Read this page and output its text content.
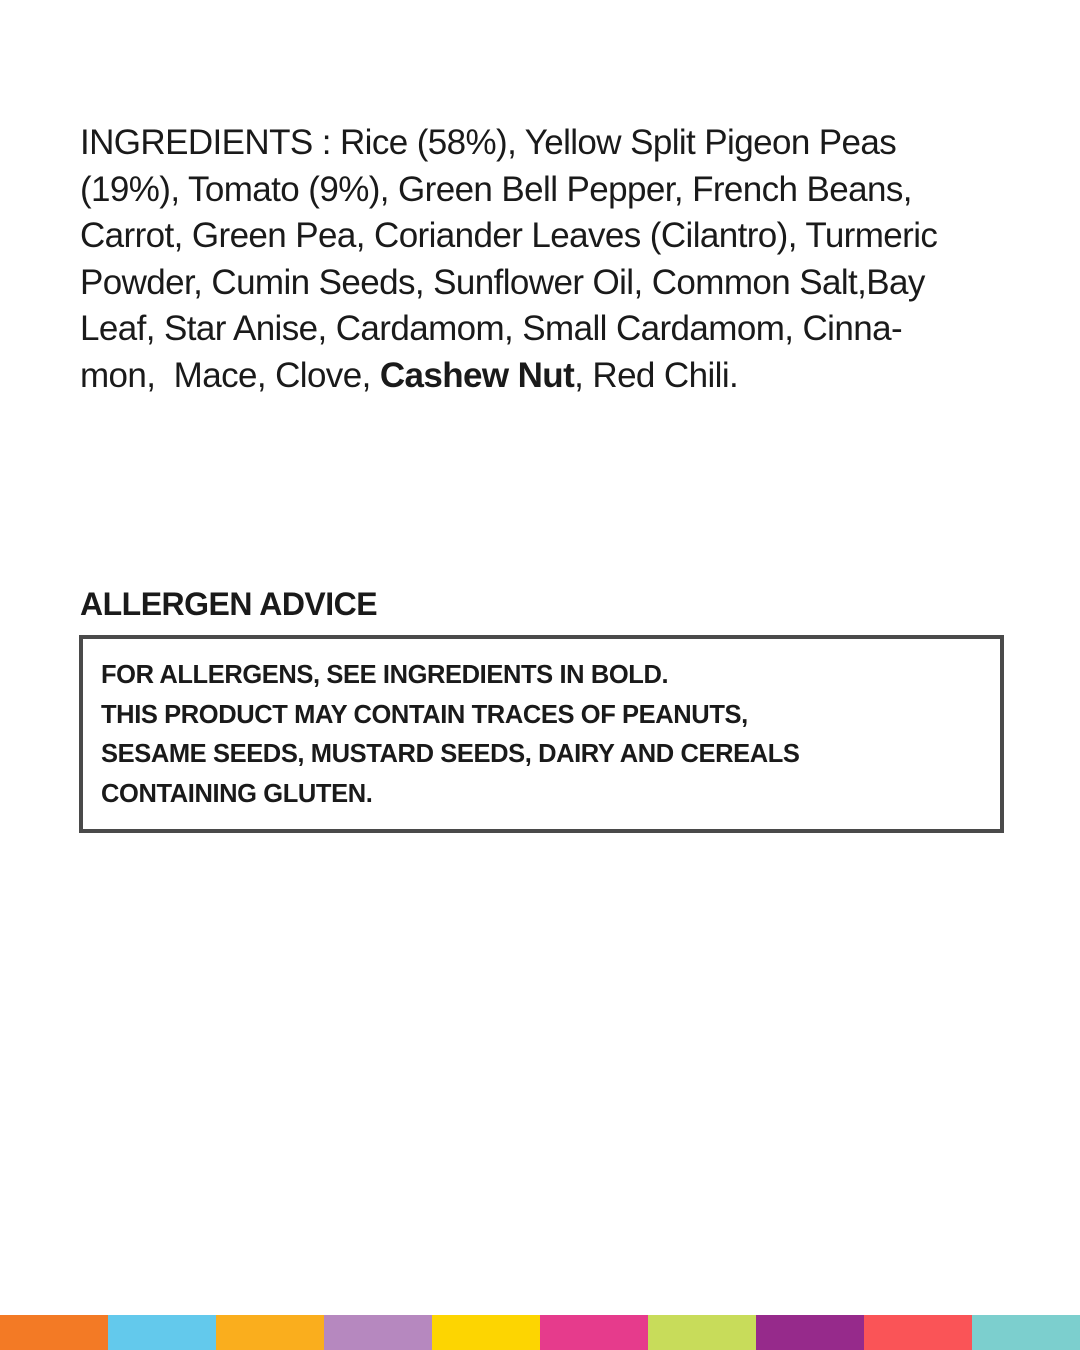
INGREDIENTS : Rice (58%), Yellow Split Pigeon Peas
(19%), Tomato (9%), Green Bell Pepper, French Beans,
Carrot, Green Pea, Coriander Leaves (Cilantro), Turmeric
Powder, Cumin Seeds, Sunflower Oil, Common Salt,Bay
Leaf, Star Anise, Cardamom, Small Cardamom, Cinna-
mon,  Mace, Clove, Cashew Nut, Red Chili.

ALLERGEN ADVICE
FOR ALLERGENS, SEE INGREDIENTS IN BOLD.
THIS PRODUCT MAY CONTAIN TRACES OF PEANUTS,
SESAME SEEDS, MUSTARD SEEDS, DAIRY AND CEREALS
CONTAINING GLUTEN.
